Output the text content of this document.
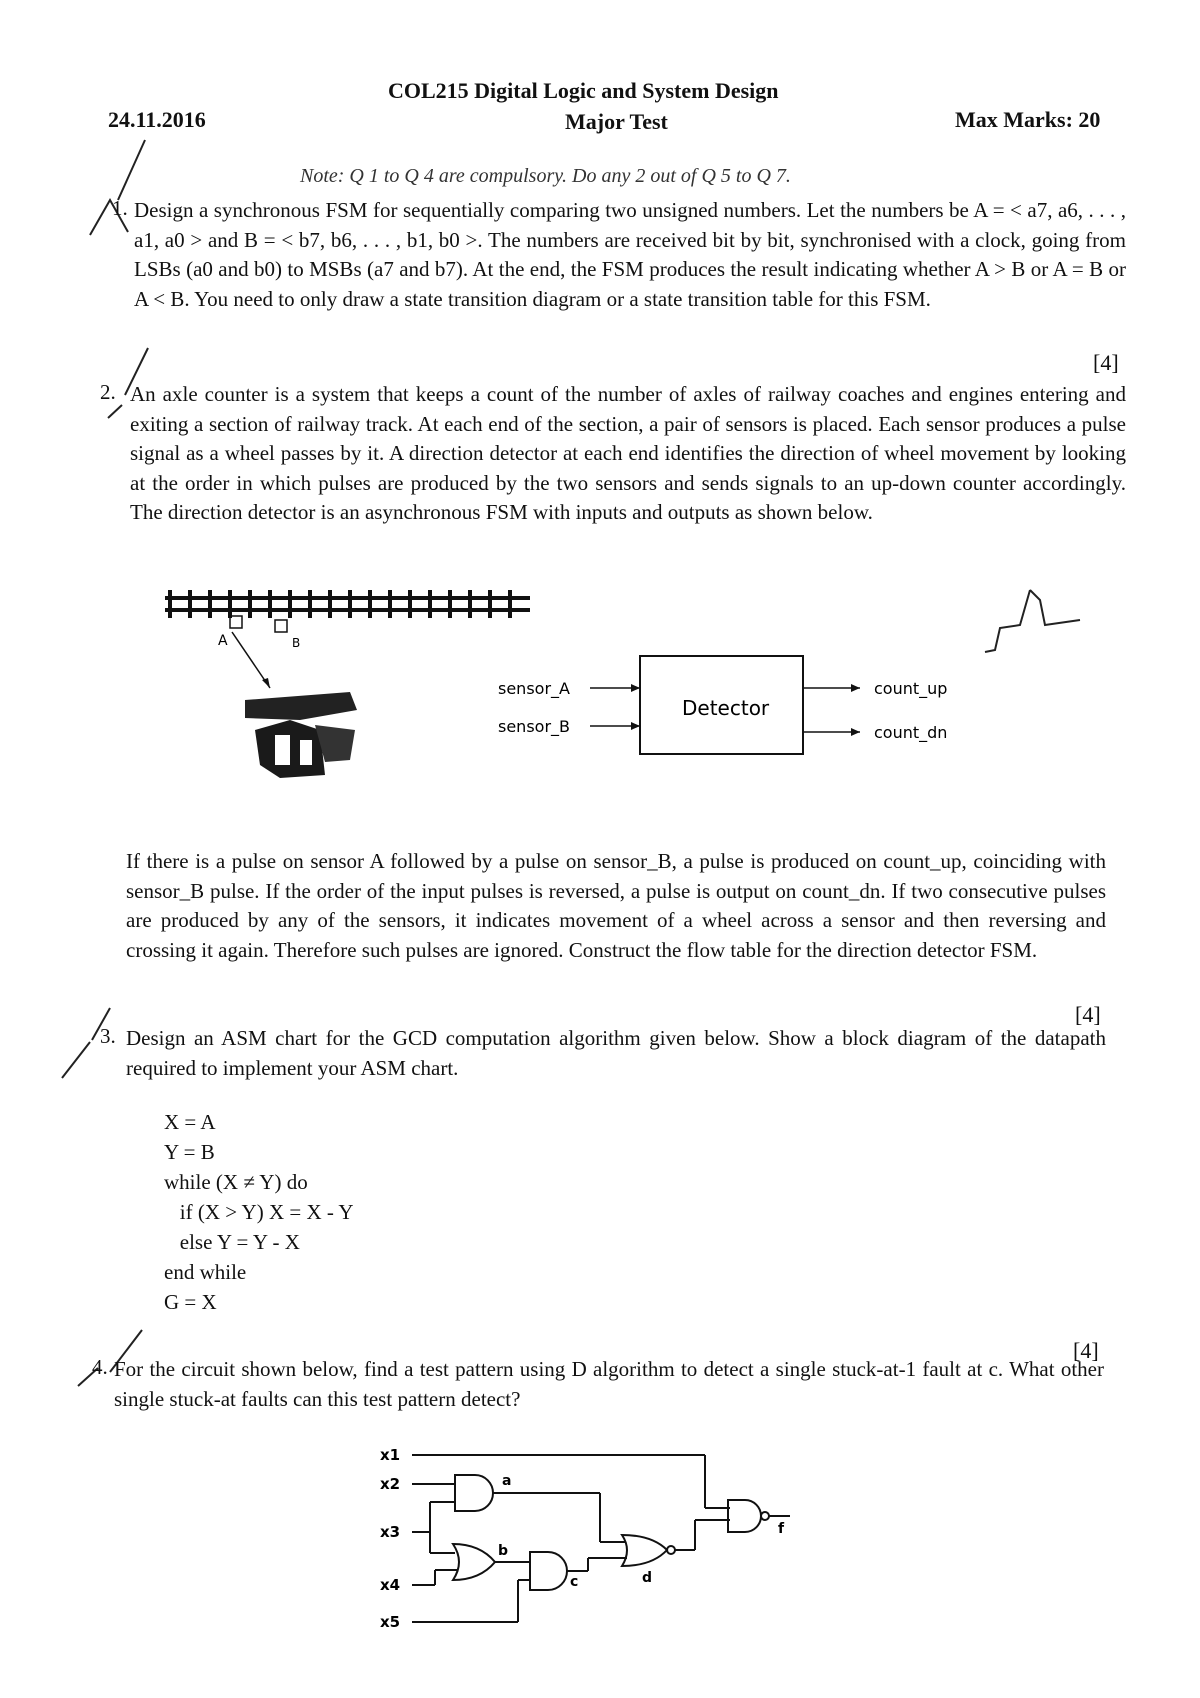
COL215 Digital Logic and System Design
24.11.2016	Major Test	Max Marks: 20
Note: Q 1 to Q 4 are compulsory. Do any 2 out of Q 5 to Q 7.
1. Design a synchronous FSM for sequentially comparing two unsigned numbers. Let the numbers be A = < a7, a6, . . . , a1, a0 > and B = < b7, b6, . . . , b1, b0 >. The numbers are received bit by bit, synchronised with a clock, going from LSBs (a0 and b0) to MSBs (a7 and b7). At the end, the FSM produces the result indicating whether A > B or A = B or A < B. You need to only draw a state transition diagram or a state transition table for this FSM.
[4]
2. An axle counter is a system that keeps a count of the number of axles of railway coaches and engines entering and exiting a section of railway track. At each end of the section, a pair of sensors is placed. Each sensor produces a pulse signal as a wheel passes by it. A direction detector at each end identifies the direction of wheel movement by looking at the order in which pulses are produced by the two sensors and sends signals to an up-down counter accordingly. The direction detector is an asynchronous FSM with inputs and outputs as shown below.
A	B
Detector
sensor_A
sensor_B
count_up
count_dn
If there is a pulse on sensor A followed by a pulse on sensor_B, a pulse is produced on count_up, coinciding with sensor_B pulse. If the order of the input pulses is reversed, a pulse is output on count_dn. If two consecutive pulses are produced by any of the sensors, it indicates movement of a wheel across a sensor and then reversing and crossing it again. Therefore such pulses are ignored. Construct the flow table for the direction detector FSM.
[4]
3. Design an ASM chart for the GCD computation algorithm given below. Show a block diagram of the datapath required to implement your ASM chart.
X = A
Y = B
while (X ≠ Y) do
if (X > Y) X = X - Y
else Y = Y - X
end while
G = X
[4]
4. For the circuit shown below, find a test pattern using D algorithm to detect a single stuck-at-1 fault at c. What other single stuck-at faults can this test pattern detect?
x1
x2
x3
x4
x5
a
b
c	d
f
